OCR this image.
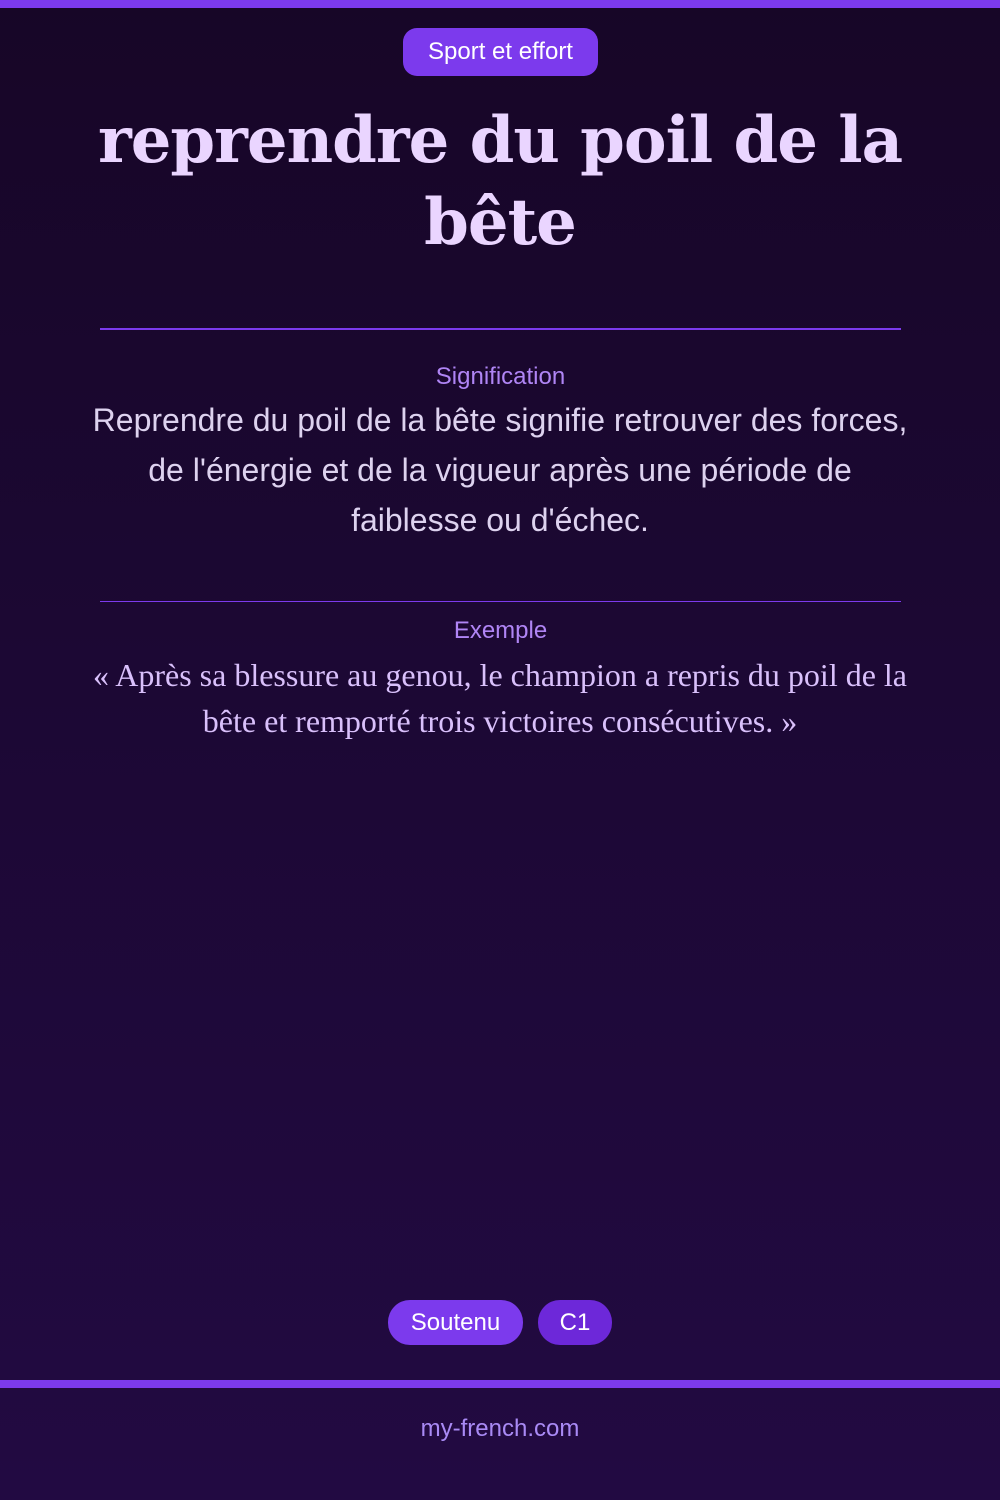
Sport et effort
reprendre du poil de la bête
Signification

Reprendre du poil de la bête signifie retrouver des forces, de l'énergie et de la vigueur après une période de faiblesse ou d'échec.

Exemple

« Après sa blessure au genou, le champion a repris du poil de la bête et remporté trois victoires consécutives. »

Soutenu	C1
my-french.com
